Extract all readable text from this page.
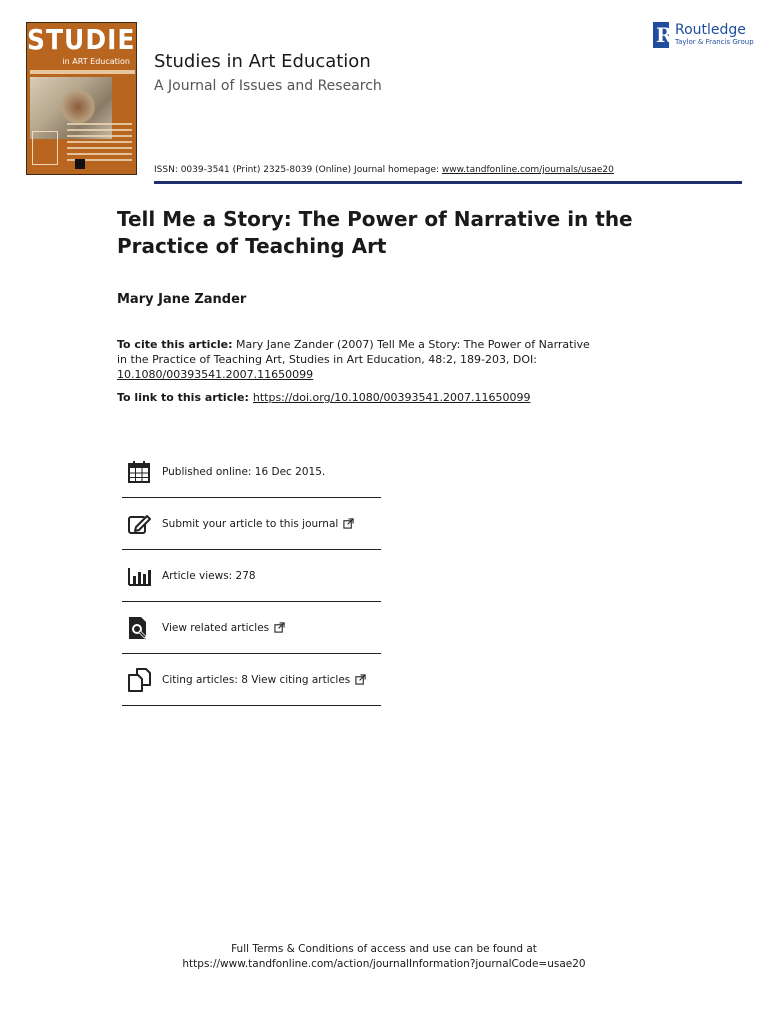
STUDIES
in ART Education	Studies in Art Education
A Journal of Issues and Research
ISSN: 0039-3541 (Print) 2325-8039 (Online) Journal homepage: www.tandfonline.com/journals/usae20
R Routledge
Taylor & Francis Group
Tell Me a Story: The Power of Narrative in the Practice of Teaching Art
Mary Jane Zander
To cite this article: Mary Jane Zander (2007) Tell Me a Story: The Power of Narrative in the Practice of Teaching Art, Studies in Art Education, 48:2, 189-203, DOI: 10.1080/00393541.2007.11650099
To link to this article: https://doi.org/10.1080/00393541.2007.11650099
Published online: 16 Dec 2015.
Submit your article to this journal
Article views: 278
View related articles
Citing articles: 8 View citing articles
Full Terms & Conditions of access and use can be found at
https://www.tandfonline.com/action/journalInformation?journalCode=usae20
